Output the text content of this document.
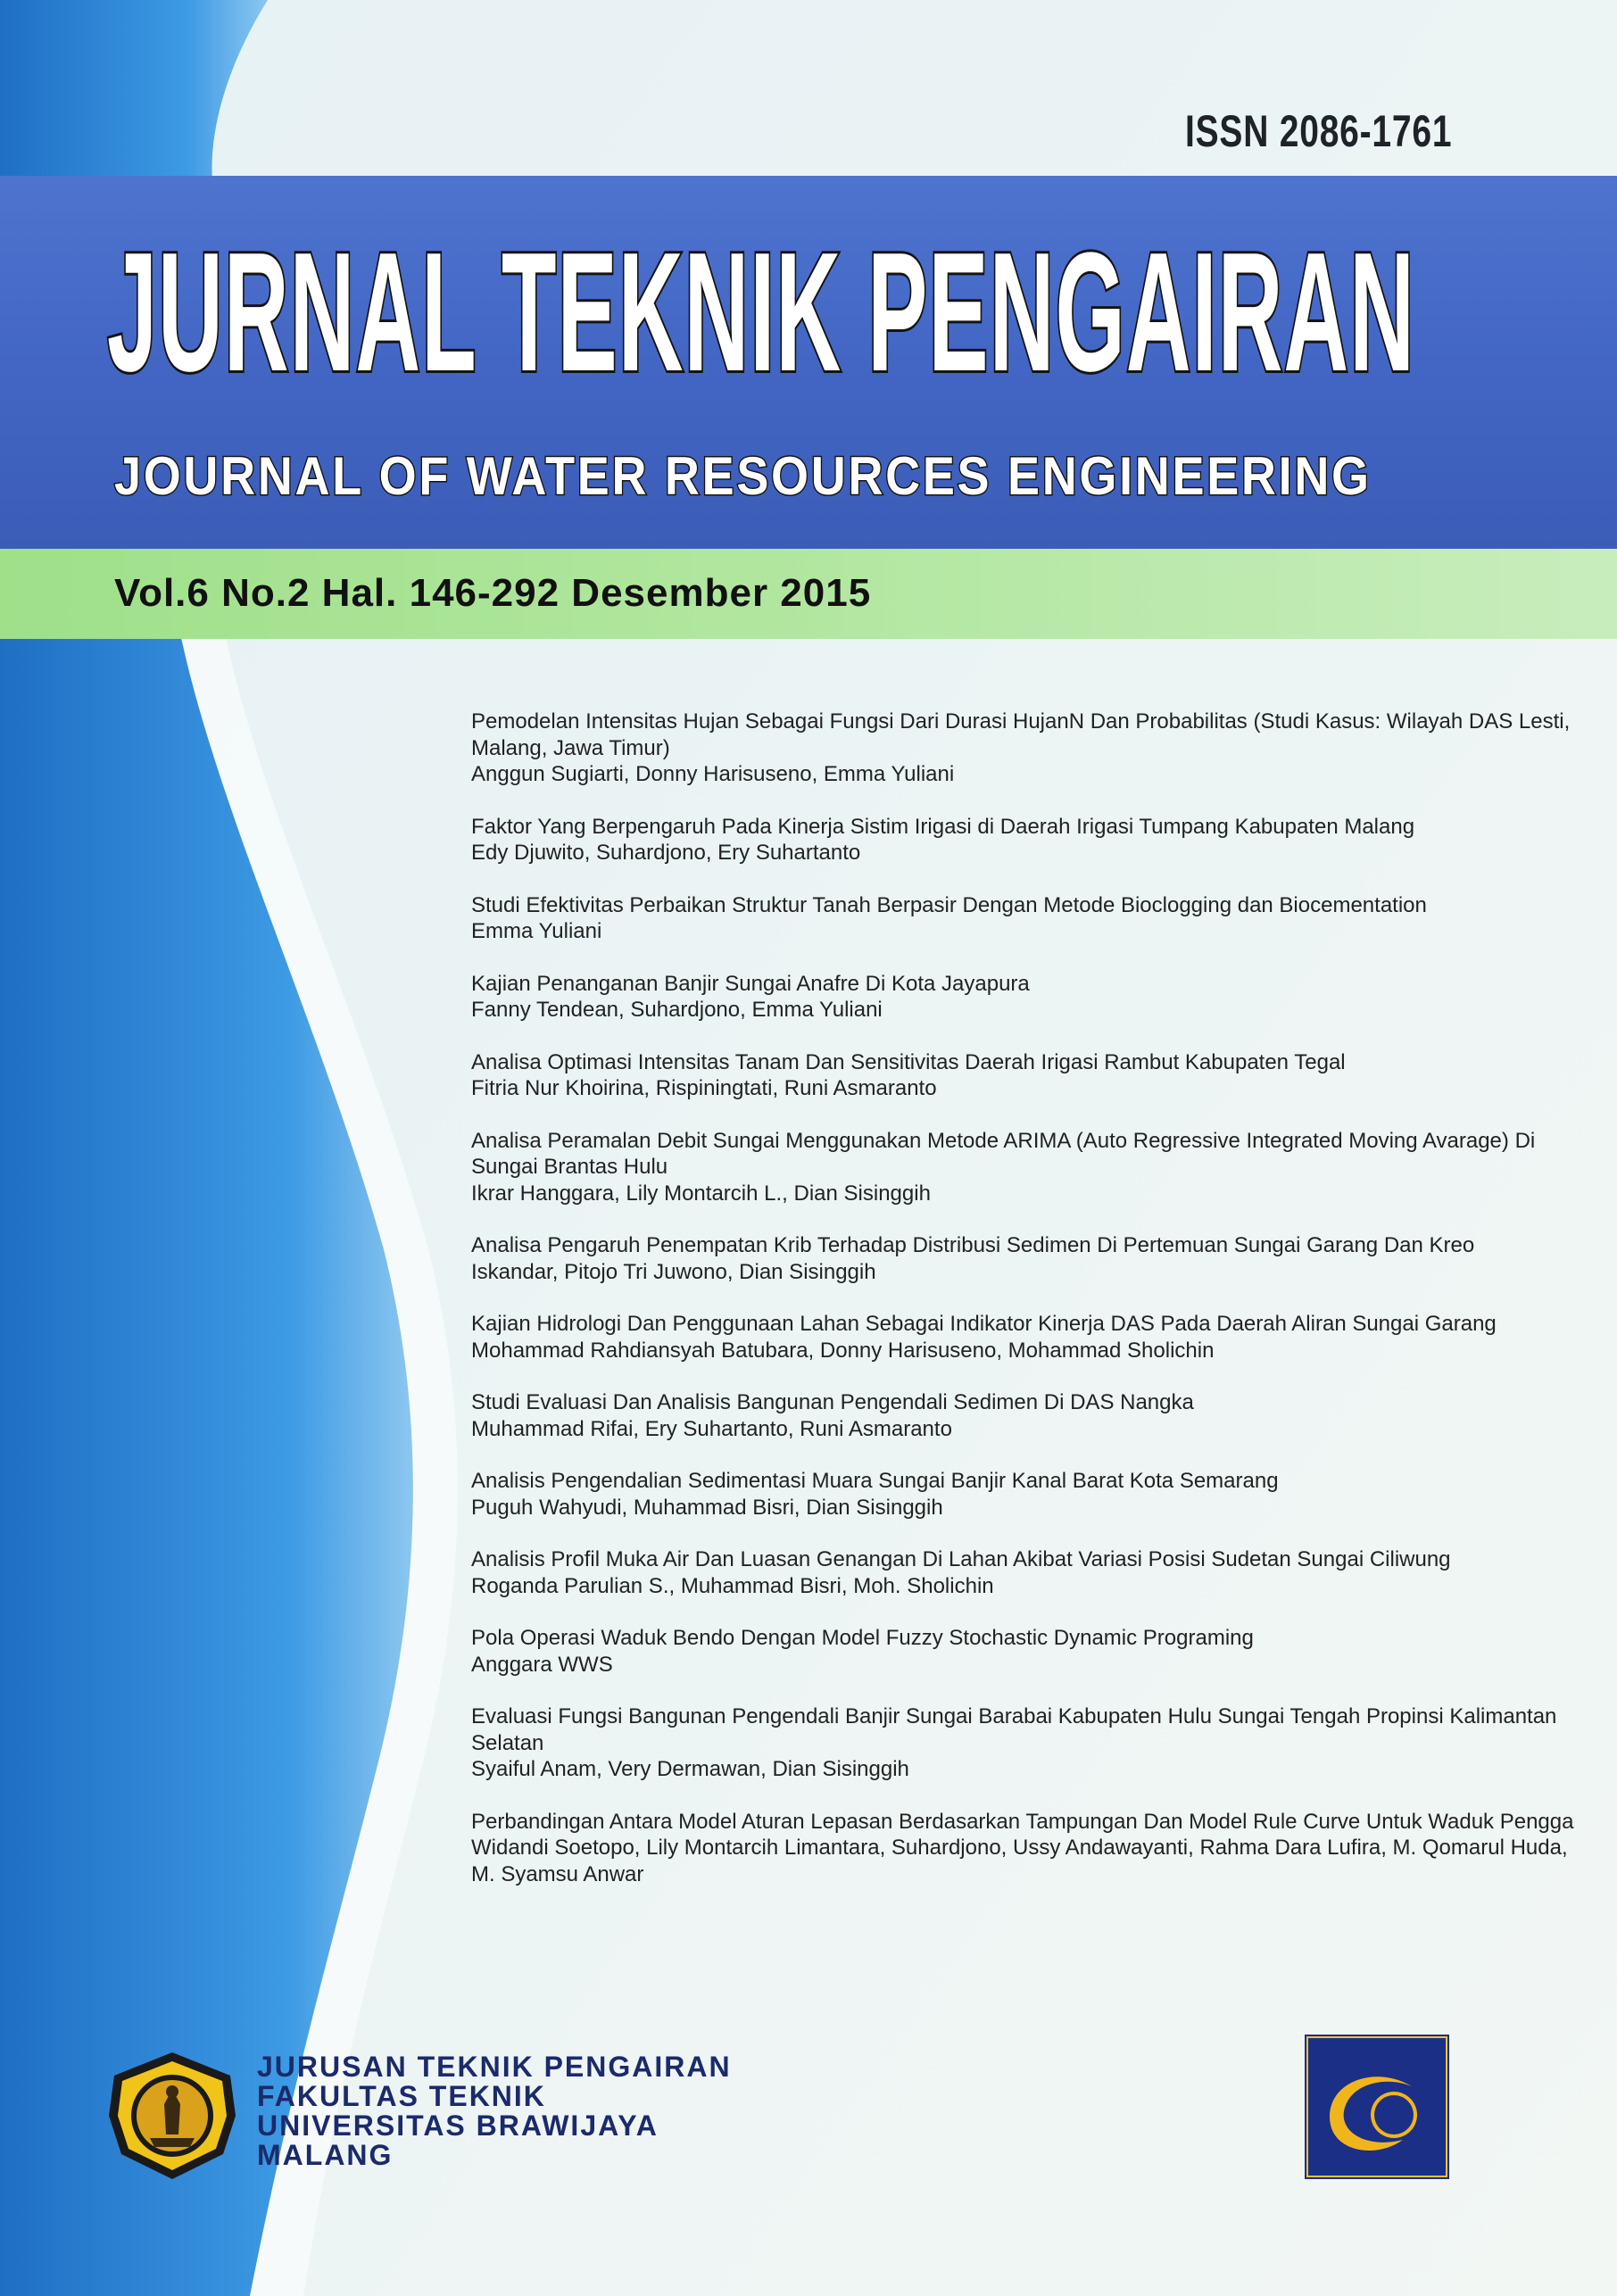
ISSN 2086-1761
JURNAL TEKNIK PENGAIRAN
JOURNAL OF WATER RESOURCES ENGINEERING
Vol.6 No.2 Hal. 146-292 Desember 2015
Pemodelan Intensitas Hujan Sebagai Fungsi Dari Durasi HujanN Dan Probabilitas (Studi Kasus: Wilayah DAS Lesti, Malang, Jawa Timur)
Anggun Sugiarti, Donny Harisuseno, Emma Yuliani
Faktor Yang Berpengaruh Pada Kinerja Sistim Irigasi di Daerah Irigasi Tumpang Kabupaten Malang
Edy Djuwito, Suhardjono, Ery Suhartanto
Studi Efektivitas Perbaikan Struktur Tanah Berpasir Dengan Metode Bioclogging dan Biocementation
Emma Yuliani
Kajian Penanganan Banjir Sungai Anafre Di Kota Jayapura
Fanny Tendean, Suhardjono, Emma Yuliani
Analisa Optimasi Intensitas Tanam Dan Sensitivitas Daerah Irigasi Rambut Kabupaten Tegal
Fitria Nur Khoirina, Rispiningtati, Runi Asmaranto
Analisa Peramalan Debit Sungai Menggunakan Metode ARIMA (Auto Regressive Integrated Moving Avarage) Di Sungai Brantas Hulu
Ikrar Hanggara, Lily Montarcih L., Dian Sisinggih
Analisa Pengaruh Penempatan Krib Terhadap Distribusi Sedimen Di Pertemuan Sungai Garang Dan Kreo
Iskandar, Pitojo Tri Juwono, Dian Sisinggih
Kajian Hidrologi Dan Penggunaan Lahan Sebagai Indikator Kinerja DAS Pada Daerah Aliran Sungai Garang
Mohammad Rahdiansyah Batubara, Donny Harisuseno, Mohammad Sholichin
Studi Evaluasi Dan Analisis Bangunan Pengendali Sedimen Di DAS Nangka
Muhammad Rifai, Ery Suhartanto, Runi Asmaranto
Analisis Pengendalian Sedimentasi Muara Sungai Banjir Kanal Barat Kota Semarang
Puguh Wahyudi, Muhammad Bisri, Dian Sisinggih
Analisis Profil Muka Air Dan Luasan Genangan Di Lahan Akibat Variasi Posisi Sudetan Sungai Ciliwung
Roganda Parulian S., Muhammad Bisri, Moh. Sholichin
Pola Operasi Waduk Bendo Dengan Model Fuzzy Stochastic Dynamic Programing
Anggara WWS
Evaluasi Fungsi Bangunan Pengendali Banjir Sungai Barabai Kabupaten Hulu Sungai Tengah Propinsi Kalimantan Selatan
Syaiful Anam, Very Dermawan, Dian Sisinggih
Perbandingan Antara Model Aturan Lepasan Berdasarkan Tampungan Dan Model Rule Curve Untuk Waduk Pengga
Widandi Soetopo, Lily Montarcih Limantara, Suhardjono, Ussy Andawayanti, Rahma Dara Lufira, M. Qomarul Huda, M. Syamsu Anwar
JURUSAN TEKNIK PENGAIRAN
FAKULTAS TEKNIK
UNIVERSITAS BRAWIJAYA
MALANG
